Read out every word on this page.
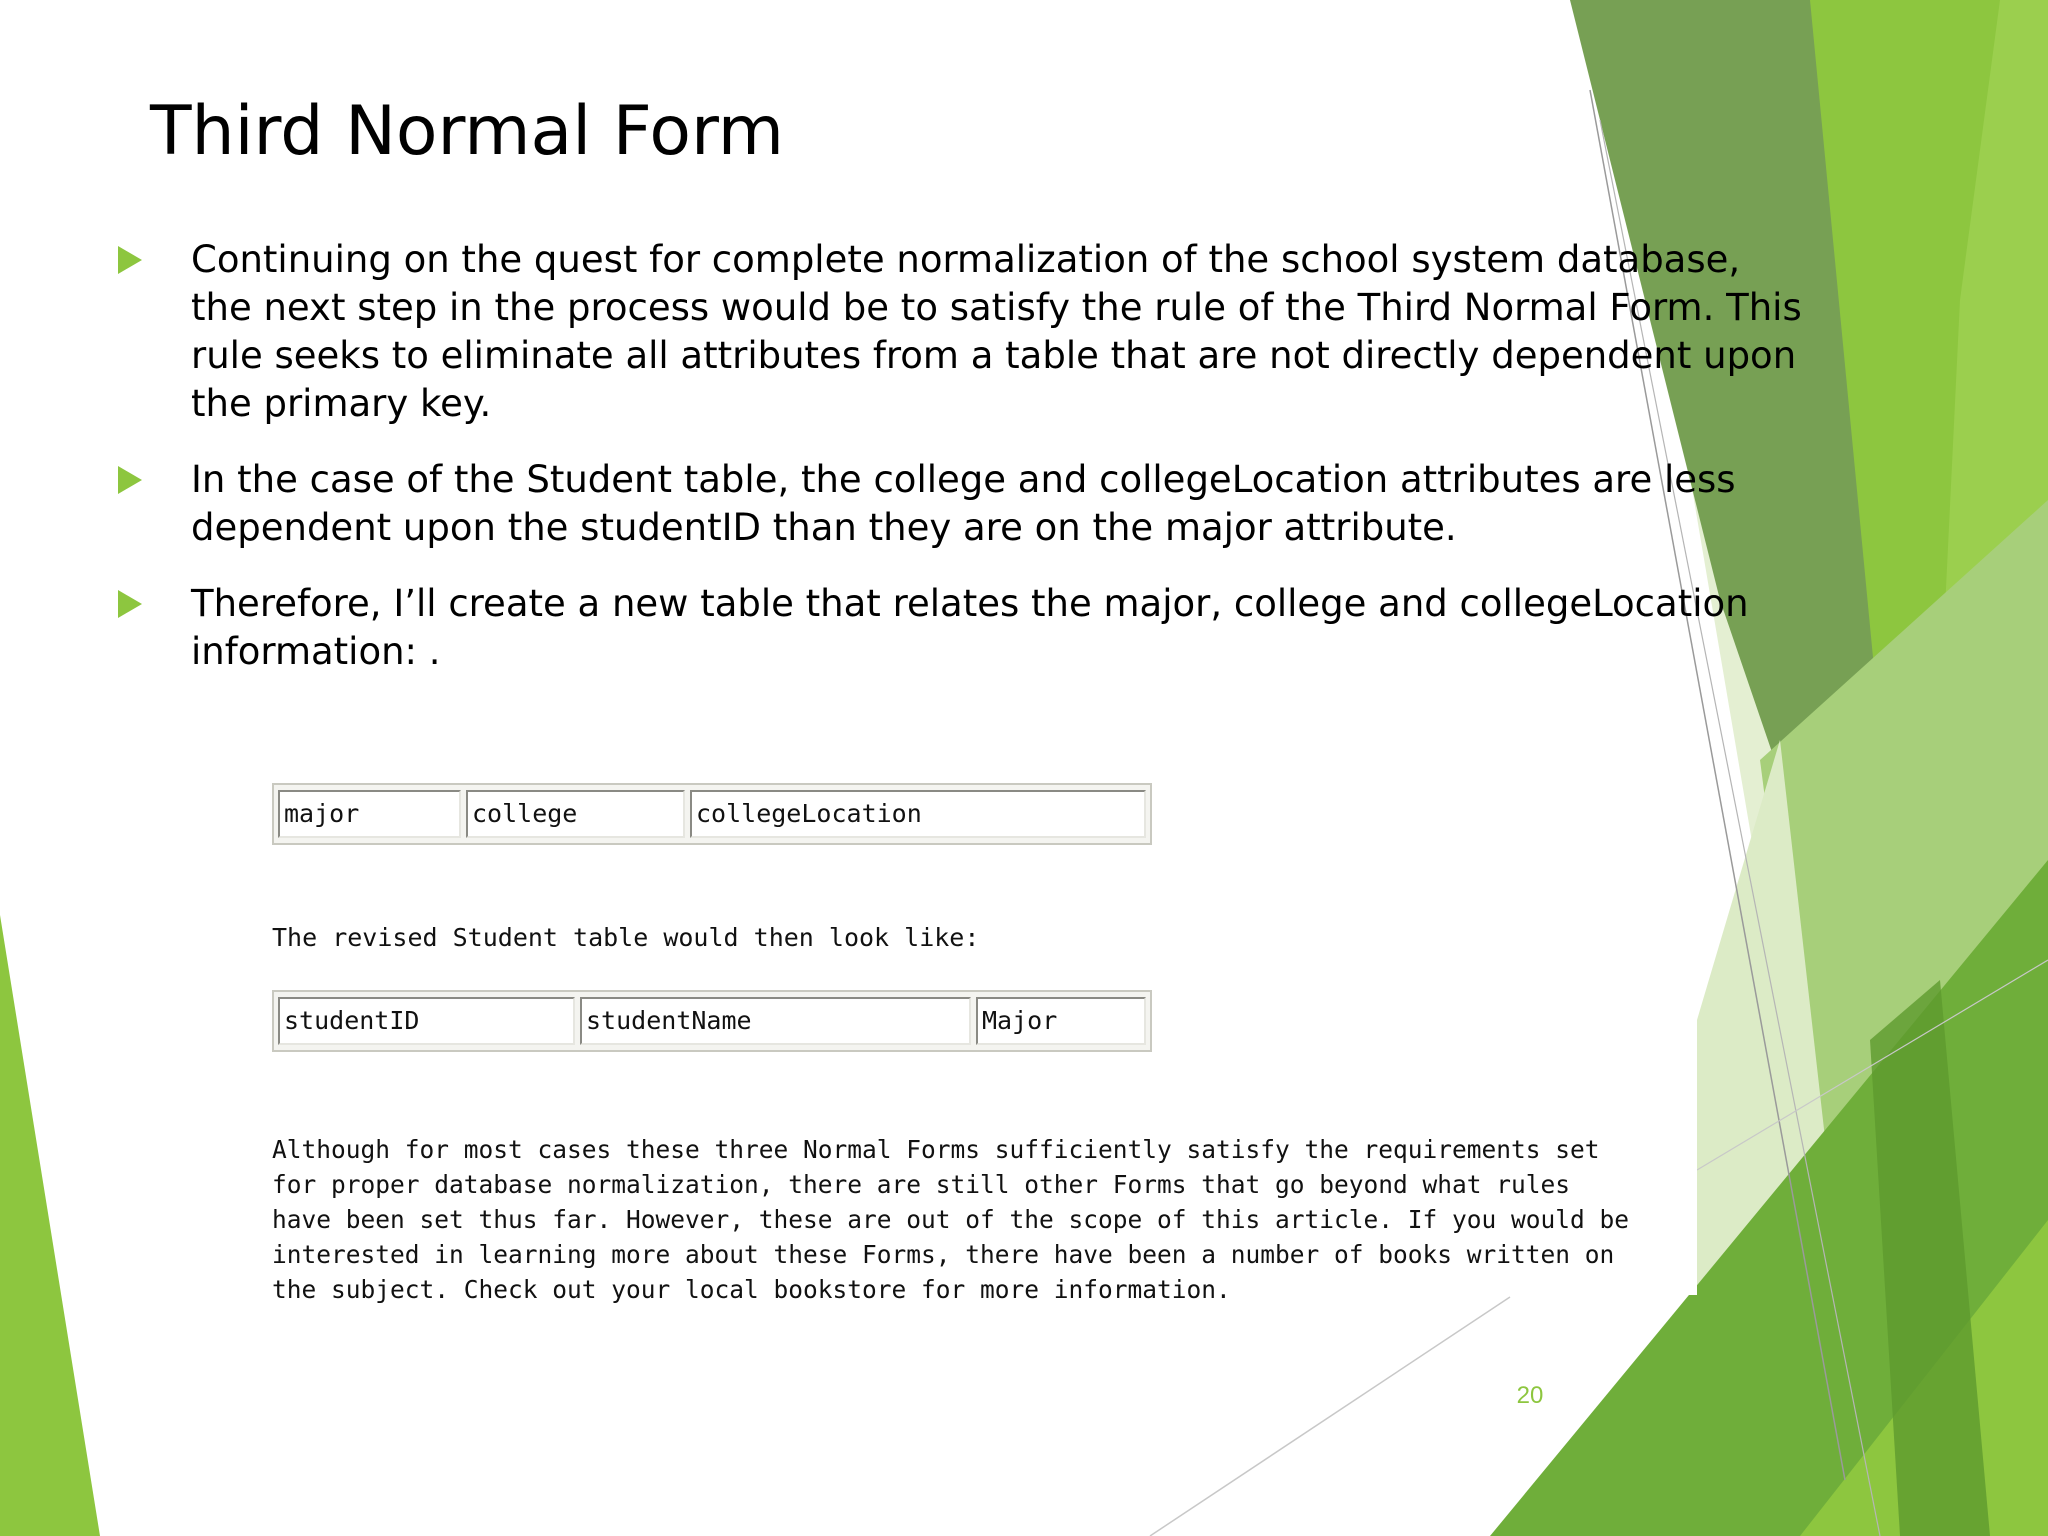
Third Normal Form
Continuing on the quest for complete normalization of the school system database, the next step in the process would be to satisfy the rule of the Third Normal Form. This rule seeks to eliminate all attributes from a table that are not directly dependent upon the primary key.
In the case of the Student table, the college and collegeLocation attributes are less dependent upon the studentID than they are on the major attribute.
Therefore, I’ll create a new table that relates the major, college and collegeLocation information: .
major	college	collegeLocation

The revised Student table would then look like:

studentID	studentName	Major

Although for most cases these three Normal Forms sufficiently satisfy the requirements set for proper database normalization, there are still other Forms that go beyond what rules have been set thus far. However, these are out of the scope of this article. If you would be interested in learning more about these Forms, there have been a number of books written on the subject. Check out your local bookstore for more information.

20
